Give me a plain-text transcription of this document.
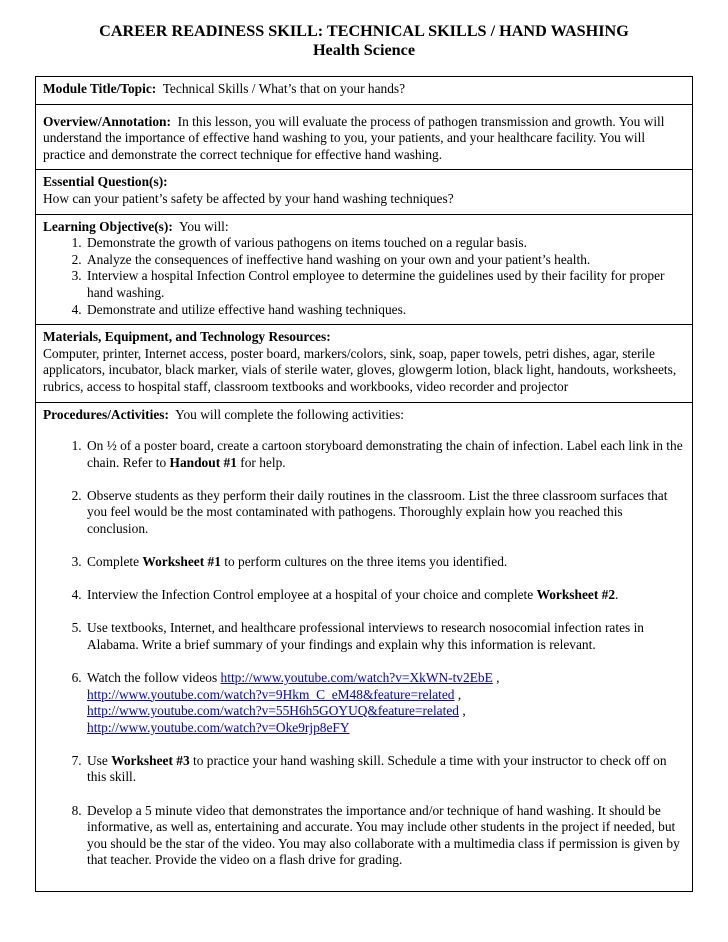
CAREER READINESS SKILL: TECHNICAL SKILLS / HAND WASHING
Health Science
Module Title/Topic: Technical Skills / What’s that on your hands?
Overview/Annotation: In this lesson, you will evaluate the process of pathogen transmission and growth. You will understand the importance of effective hand washing to you, your patients, and your healthcare facility. You will practice and demonstrate the correct technique for effective hand washing.
Essential Question(s):
How can your patient’s safety be affected by your hand washing techniques?
Learning Objective(s): You will:
1. Demonstrate the growth of various pathogens on items touched on a regular basis.
2. Analyze the consequences of ineffective hand washing on your own and your patient’s health.
3. Interview a hospital Infection Control employee to determine the guidelines used by their facility for proper hand washing.
4. Demonstrate and utilize effective hand washing techniques.

Materials, Equipment, and Technology Resources:
Computer, printer, Internet access, poster board, markers/colors, sink, soap, paper towels, petri dishes, agar, sterile applicators, incubator, black marker, vials of sterile water, gloves, glowgerm lotion, black light, handouts, worksheets, rubrics, access to hospital staff, classroom textbooks and workbooks, video recorder and projector
Procedures/Activities: You will complete the following activities:
1. On ½ of a poster board, create a cartoon storyboard demonstrating the chain of infection. Label each link in the chain. Refer to Handout #1 for help.
2. Observe students as they perform their daily routines in the classroom. List the three classroom surfaces that you feel would be the most contaminated with pathogens. Thoroughly explain how you reached this conclusion.
3. Complete Worksheet #1 to perform cultures on the three items you identified.
4. Interview the Infection Control employee at a hospital of your choice and complete Worksheet #2.
5. Use textbooks, Internet, and healthcare professional interviews to research nosocomial infection rates in Alabama. Write a brief summary of your findings and explain why this information is relevant.
6. Watch the follow videos http://www.youtube.com/watch?v=XkWN-tv2EbE ,
http://www.youtube.com/watch?v=9Hkm_C_eM48&feature=related ,
http://www.youtube.com/watch?v=55H6h5GOYUQ&feature=related ,
http://www.youtube.com/watch?v=Oke9rjp8eFY
7. Use Worksheet #3 to practice your hand washing skill. Schedule a time with your instructor to check off on this skill.
8. Develop a 5 minute video that demonstrates the importance and/or technique of hand washing. It should be informative, as well as, entertaining and accurate. You may include other students in the project if needed, but you should be the star of the video. You may also collaborate with a multimedia class if permission is given by that teacher. Provide the video on a flash drive for grading.
